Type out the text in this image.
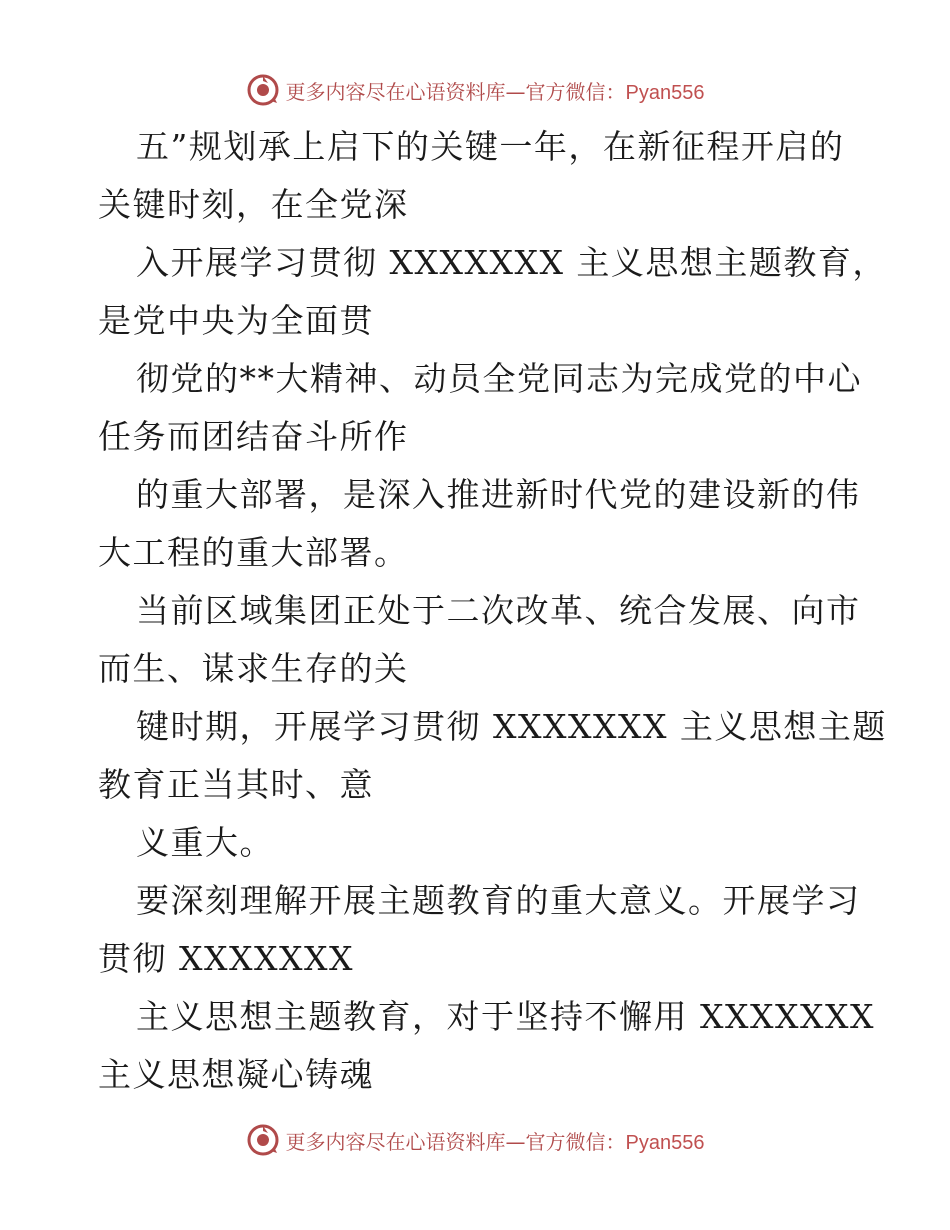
更多内容尽在心语资料库—官方微信：Pyan556
五”规划承上启下的关键一年，在新征程开启的
关键时刻，在全党深
入开展学习贯彻 XXXXXXX 主义思想主题教育，
是党中央为全面贯
彻党的**大精神、动员全党同志为完成党的中心
任务而团结奋斗所作
的重大部署，是深入推进新时代党的建设新的伟
大工程的重大部署。
当前区域集团正处于二次改革、统合发展、向市
而生、谋求生存的关
键时期，开展学习贯彻 XXXXXXX 主义思想主题
教育正当其时、意
义重大。
要深刻理解开展主题教育的重大意义。开展学习
贯彻 XXXXXXX
主义思想主题教育，对于坚持不懈用 XXXXXXX
主义思想凝心铸魂
更多内容尽在心语资料库—官方微信：Pyan556
